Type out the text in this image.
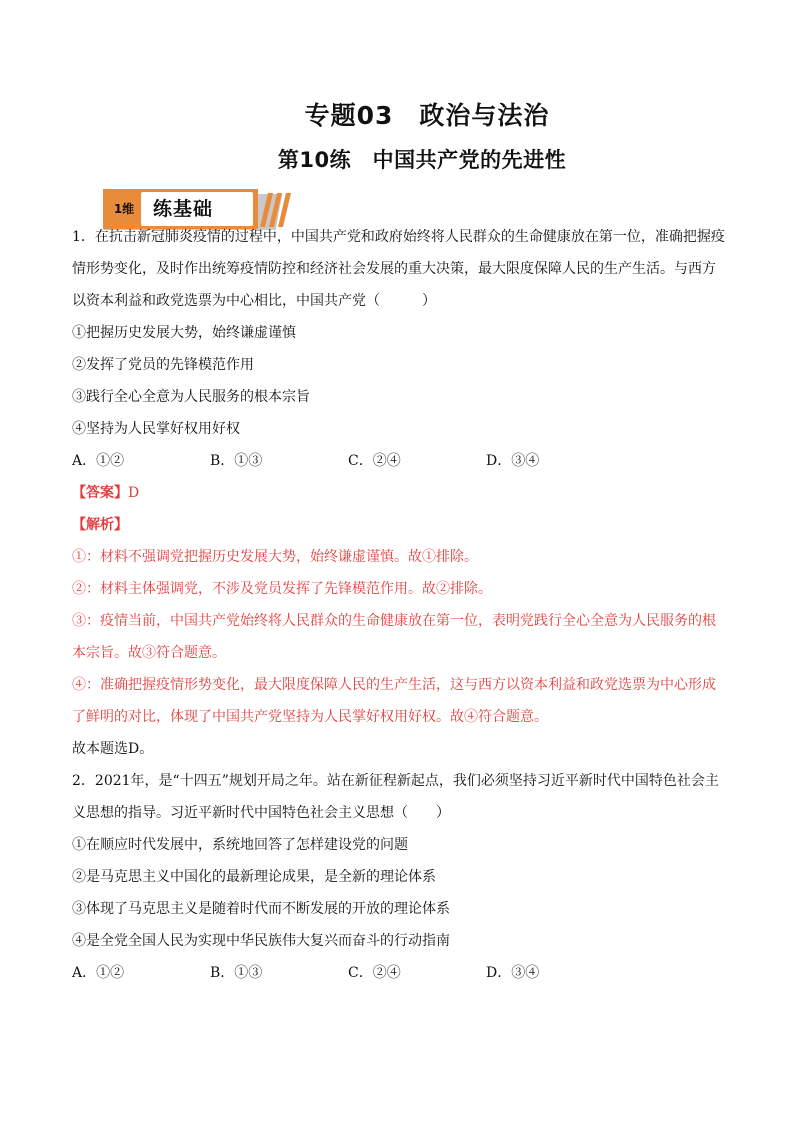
专题03　政治与法治
第10练　中国共产党的先进性
1维 练基础

1．在抗击新冠肺炎疫情的过程中，中国共产党和政府始终将人民群众的生命健康放在第一位，准确把握疫

情形势变化，及时作出统筹疫情防控和经济社会发展的重大决策，最大限度保障人民的生产生活。与西方

以资本利益和政党选票为中心相比，中国共产党（　　　）

①把握历史发展大势，始终谦虚谨慎

②发挥了党员的先锋模范作用

③践行全心全意为人民服务的根本宗旨

④坚持为人民掌好权用好权

A．①②	B．①③	C．②④	D．③④

【答案】D

【解析】

①：材料不强调党把握历史发展大势，始终谦虚谨慎。故①排除。

②：材料主体强调党，不涉及党员发挥了先锋模范作用。故②排除。

③：疫情当前，中国共产党始终将人民群众的生命健康放在第一位，表明党践行全心全意为人民服务的根

本宗旨。故③符合题意。

④：准确把握疫情形势变化，最大限度保障人民的生产生活，这与西方以资本利益和政党选票为中心形成

了鲜明的对比，体现了中国共产党坚持为人民掌好权用好权。故④符合题意。

故本题选D。

2．2021年，是“十四五”规划开局之年。站在新征程新起点，我们必须坚持习近平新时代中国特色社会主

义思想的指导。习近平新时代中国特色社会主义思想（　　）

①在顺应时代发展中，系统地回答了怎样建设党的问题

②是马克思主义中国化的最新理论成果，是全新的理论体系

③体现了马克思主义是随着时代而不断发展的开放的理论体系

④是全党全国人民为实现中华民族伟大复兴而奋斗的行动指南

A．①②	B．①③	C．②④	D．③④
